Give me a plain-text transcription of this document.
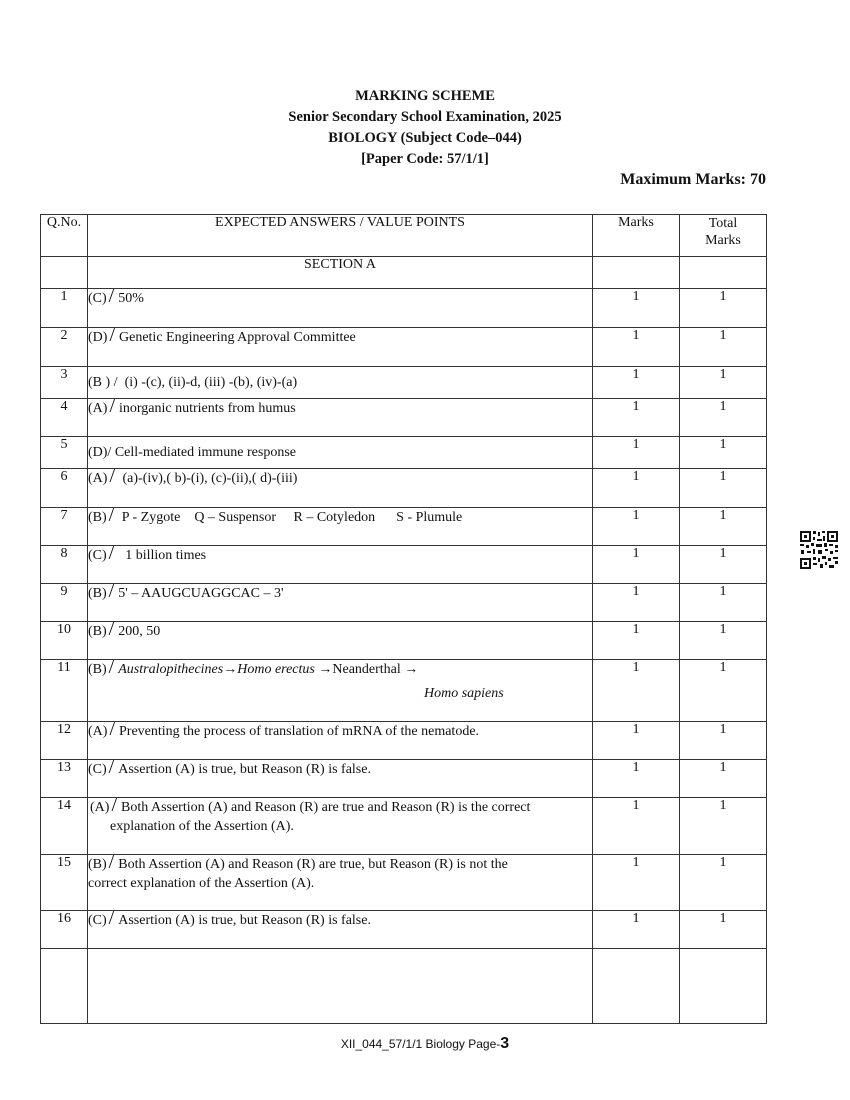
MARKING SCHEME
Senior Secondary School Examination, 2025
BIOLOGY (Subject Code–044)
[Paper Code: 57/1/1]
Maximum Marks: 70
Q.No.	EXPECTED ANSWERS / VALUE POINTS	Marks	Total
Marks

	SECTION A		
1	(C) / 50%	1	1
2	(D) / Genetic Engineering Approval Committee	1	1
3	(B ) / (i) -(c), (ii)-d, (iii) -(b), (iv)-(a)	1	1
4	(A) / inorganic nutrients from humus	1	1
5	(D)/ Cell-mediated immune response	1	1
6	(A) / (a)-(iv),( b)-(i), (c)-(ii),( d)-(iii)	1	1
7	(B) / P - Zygote    Q – Suspensor     R – Cotyledon      S - Plumule	1	1
8	(C) / 1 billion times	1	1
9	(B) / 5' – AAUGCUAGGCAC – 3'	1	1
10	(B) / 200, 50	1	1
11	(B) / Australopithecines→Homo erectus →Neanderthal →
Homo sapiens	1	1
12	(A) / Preventing the process of translation of mRNA of the nematode.	1	1
13	(C) / Assertion (A) is true, but Reason (R) is false.	1	1
14	(A) / Both Assertion (A) and Reason (R) are true and Reason (R) is the correct
explanation of the Assertion (A).	1	1
15	(B) / Both Assertion (A) and Reason (R) are true, but Reason (R) is not the
correct explanation of the Assertion (A).	1	1
16	(C) / Assertion (A) is true, but Reason (R) is false.	1	1

XII_044_57/1/1 Biology Page-3
